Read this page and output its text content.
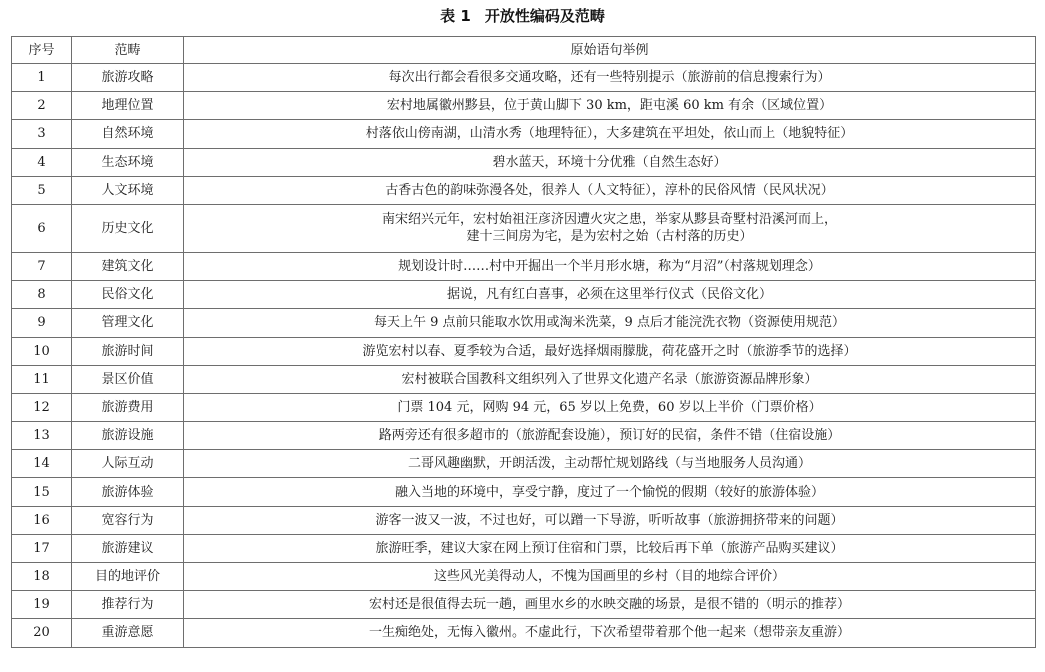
表 1 开放性编码及范畴
序号	范畴	原始语句举例
1	旅游攻略	每次出行都会看很多交通攻略，还有一些特别提示（旅游前的信息搜索行为）
2	地理位置	宏村地属徽州黟县，位于黄山脚下 30 km，距屯溪 60 km 有余（区域位置）
3	自然环境	村落依山傍南湖，山清水秀（地理特征），大多建筑在平坦处，依山而上（地貌特征）
4	生态环境	碧水蓝天，环境十分优雅（自然生态好）
5	人文环境	古香古色的韵味弥漫各处，很养人（人文特征），淳朴的民俗风情（民风状况）
6	历史文化	南宋绍兴元年，宏村始祖汪彦济因遭火灾之患，举家从黟县奇墅村沿溪河而上，
建十三间房为宅，是为宏村之始（古村落的历史）

7	建筑文化	规划设计时……村中开掘出一个半月形水塘，称为“月沼”（村落规划理念）
8	民俗文化	据说，凡有红白喜事，必须在这里举行仪式（民俗文化）
9	管理文化	每天上午 9 点前只能取水饮用或淘米洗菜，9 点后才能浣洗衣物（资源使用规范）
10	旅游时间	游览宏村以春、夏季较为合适，最好选择烟雨朦胧，荷花盛开之时（旅游季节的选择）
11	景区价值	宏村被联合国教科文组织列入了世界文化遗产名录（旅游资源品牌形象）
12	旅游费用	门票 104 元，网购 94 元，65 岁以上免费，60 岁以上半价（门票价格）
13	旅游设施	路两旁还有很多超市的（旅游配套设施），预订好的民宿，条件不错（住宿设施）
14	人际互动	二哥风趣幽默，开朗活泼，主动帮忙规划路线（与当地服务人员沟通）
15	旅游体验	融入当地的环境中，享受宁静，度过了一个愉悦的假期（较好的旅游体验）
16	宽容行为	游客一波又一波，不过也好，可以蹭一下导游，听听故事（旅游拥挤带来的问题）
17	旅游建议	旅游旺季，建议大家在网上预订住宿和门票，比较后再下单（旅游产品购买建议）
18	目的地评价	这些风光美得动人，不愧为国画里的乡村（目的地综合评价）
19	推荐行为	宏村还是很值得去玩一趟，画里水乡的水映交融的场景，是很不错的（明示的推荐）
20	重游意愿	一生痴绝处，无悔入徽州。不虚此行，下次希望带着那个他一起来（想带亲友重游）
